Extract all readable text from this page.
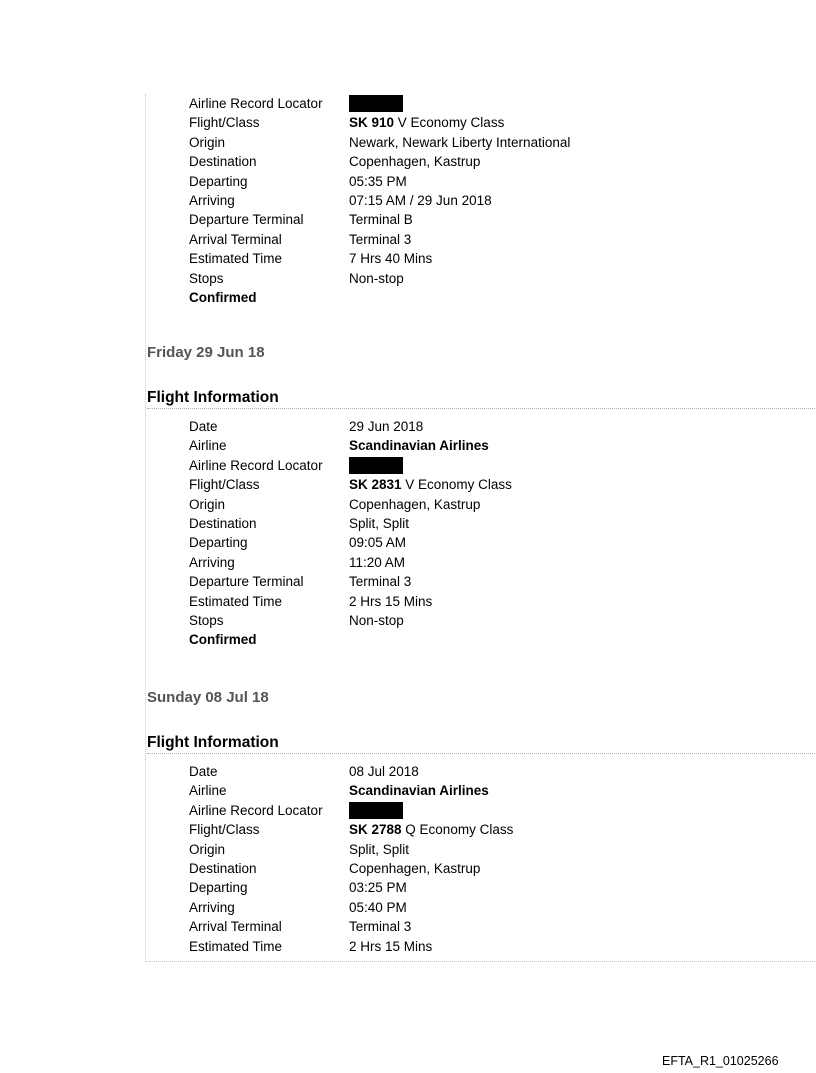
Airline Record Locator
Flight/Class	SK 910 V Economy Class
Origin	Newark, Newark Liberty International
Destination	Copenhagen, Kastrup
Departing	05:35 PM
Arriving	07:15 AM / 29 Jun 2018
Departure Terminal	Terminal B
Arrival Terminal	Terminal 3
Estimated Time	7 Hrs 40 Mins
Stops	Non-stop
Confirmed
Friday 29 Jun 18
Flight Information
Date	29 Jun 2018
Airline	Scandinavian Airlines
Airline Record Locator
Flight/Class	SK 2831 V Economy Class
Origin	Copenhagen, Kastrup
Destination	Split, Split
Departing	09:05 AM
Arriving	11:20 AM
Departure Terminal	Terminal 3
Estimated Time	2 Hrs 15 Mins
Stops	Non-stop
Confirmed
Sunday 08 Jul 18
Flight Information
Date	08 Jul 2018
Airline	Scandinavian Airlines
Airline Record Locator
Flight/Class	SK 2788 Q Economy Class
Origin	Split, Split
Destination	Copenhagen, Kastrup
Departing	03:25 PM
Arriving	05:40 PM
Arrival Terminal	Terminal 3
Estimated Time	2 Hrs 15 Mins
EFTA_R1_01025266
